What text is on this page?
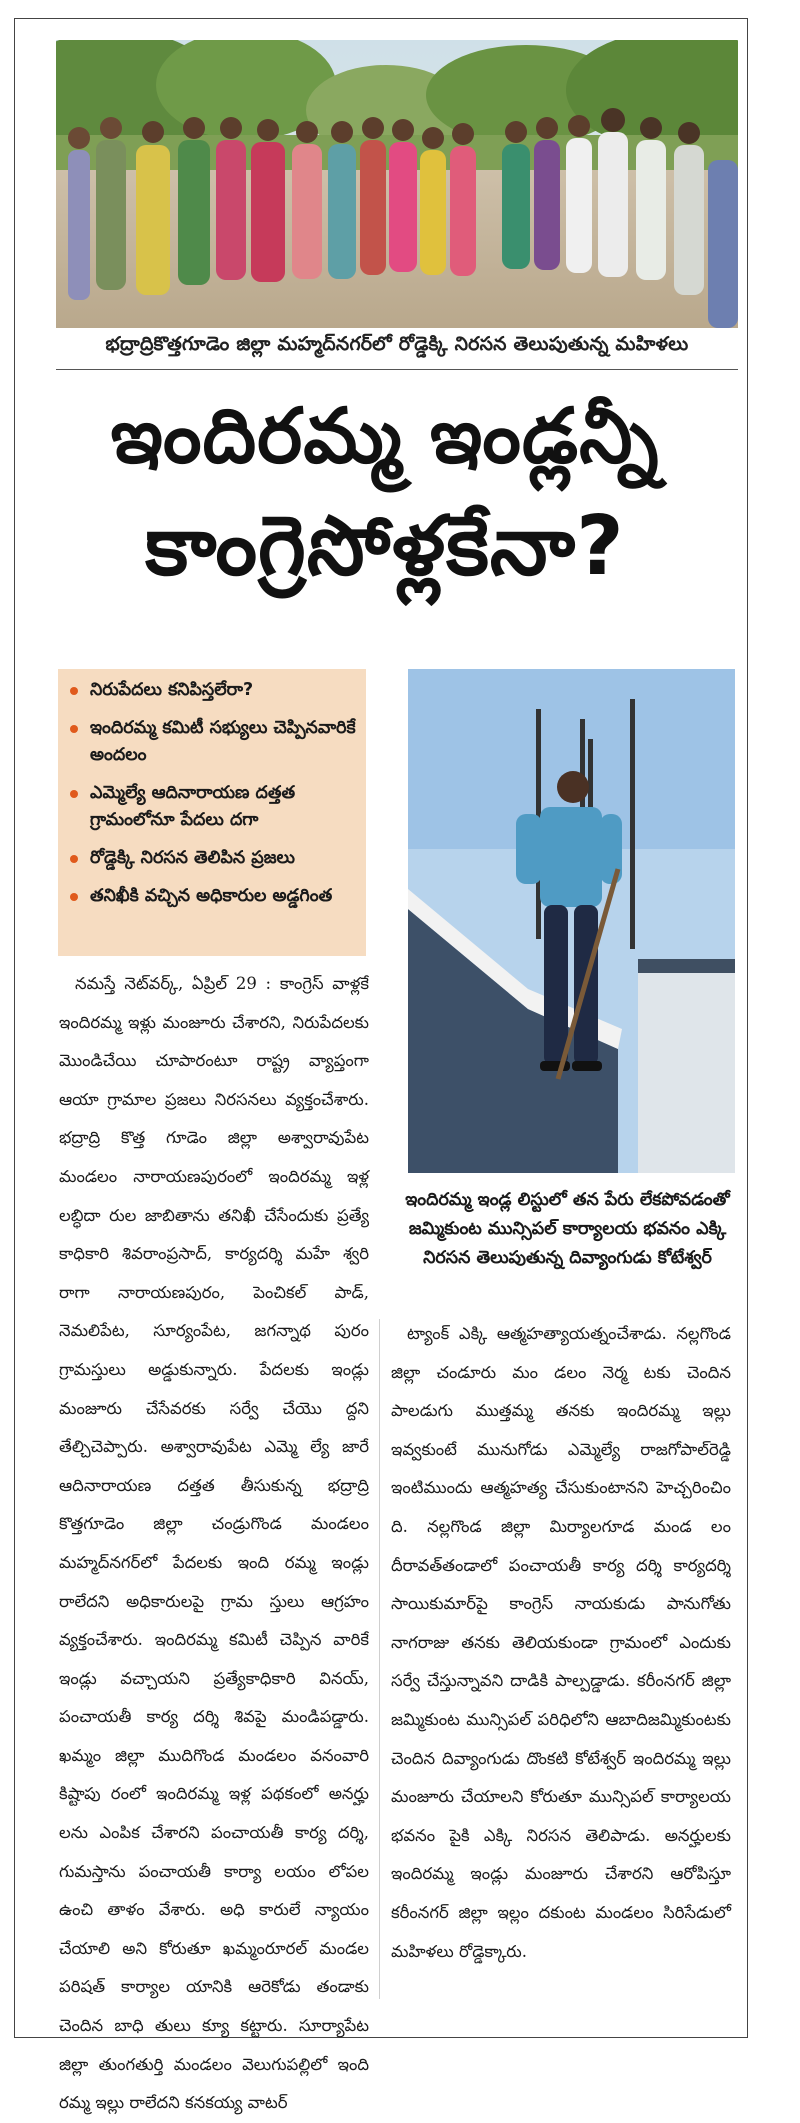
భద్రాద్రికొత్తగూడెం జిల్లా మహ్మద్‌నగర్‌లో రోడ్డెక్కి నిరసన తెలుపుతున్న మహిళలు
ఇందిరమ్మ ఇండ్లన్నీ
కాంగ్రెసోళ్లకేనా?
నిరుపేదలు కనిపిస్తలేరా?
ఇందిరమ్మ కమిటీ సభ్యులు చెప్పినవారికే అందలం
ఎమ్మెల్యే ఆదినారాయణ దత్తత గ్రామంలోనూ పేదలు దగా
రోడ్డెక్కి నిరసన తెలిపిన ప్రజలు
తనిఖీకి వచ్చిన అధికారుల అడ్డగింత
ఇందిరమ్మ ఇండ్ల లిస్టులో తన పేరు లేకపోవడంతో జమ్మికుంట మున్సిపల్‌ కార్యాలయ భవనం ఎక్కి నిరసన తెలుపుతున్న దివ్యాంగుడు కోటేశ్వర్‌

నమస్తే నెట్‌వర్క్‌, ఏప్రిల్‌ 29 : కాంగ్రెస్‌ వాళ్లకే ఇందిరమ్మ ఇళ్లు మంజూరు చేశారని, నిరుపేదలకు మొండిచేయి చూపారంటూ రాష్ట్ర వ్యాప్తంగా ఆయా గ్రామాల ప్రజలు నిరసనలు వ్యక్తంచేశారు. భద్రాద్రి కొత్త గూడెం జిల్లా అశ్వారావుపేట మండలం నారాయణపురంలో ఇందిరమ్మ ఇళ్ల లబ్ధిదా రుల జాబితాను తనిఖీ చేసేందుకు ప్రత్యే కాధికారి శివరాంప్రసాద్‌, కార్యదర్శి మహే శ్వరి రాగా నారాయణపురం, పెంచికల్‌ పాడ్‌, నెమలిపేట, సూర్యంపేట, జగన్నాథ పురం గ్రామస్తులు అడ్డుకున్నారు. పేదలకు ఇండ్లు మంజూరు చేసేవరకు సర్వే చేయొ ద్దని తేల్చిచెప్పారు. అశ్వారావుపేట ఎమ్మె ల్యే జారే ఆదినారాయణ దత్తత తీసుకున్న భద్రాద్రి కొత్తగూడెం జిల్లా చండ్రుగొండ మండలం మహ్మద్‌నగర్‌లో పేదలకు ఇంది రమ్మ ఇండ్లు రాలేదని అధికారులపై గ్రామ స్తులు ఆగ్రహం వ్యక్తంచేశారు. ఇందిరమ్మ కమిటీ చెప్పిన వారికే ఇండ్లు వచ్చాయని ప్రత్యేకాధికారి వినయ్‌, పంచాయతీ కార్య దర్శి శివపై మండిపడ్డారు. ఖమ్మం జిల్లా ముదిగొండ మండలం వనంవారి కిష్టాపు రంలో ఇందిరమ్మ ఇళ్ల పథకంలో అనర్హు లను ఎంపిక చేశారని పంచాయతీ కార్య దర్శి, గుమస్తాను పంచాయతీ కార్యా లయం లోపల ఉంచి తాళం వేశారు. అధి కారులే న్యాయం చేయాలి అని కోరుతూ ఖమ్మంరూరల్‌ మండల పరిషత్‌ కార్యాల యానికి ఆరెకోడు తండాకు చెందిన బాధి తులు క్యూ కట్టారు. సూర్యాపేట జిల్లా తుంగతుర్తి మండలం వెలుగుపల్లిలో ఇంది రమ్మ ఇల్లు రాలేదని కనకయ్య వాటర్‌

ట్యాంక్‌ ఎక్కి ఆత్మహత్యాయత్నంచేశాడు. నల్లగొండ జిల్లా చండూరు మం డలం నెర్మ టకు చెందిన పాలడుగు ముత్తమ్మ తనకు ఇందిరమ్మ ఇల్లు ఇవ్వకుంటే మునుగోడు ఎమ్మెల్యే రాజగోపాల్‌రెడ్డి ఇంటిముందు ఆత్మహత్య చేసుకుంటానని హెచ్చరించిం ది. నల్లగొండ జిల్లా మిర్యాలగూడ మండ లం దీరావత్‌తండాలో పంచాయతీ కార్య దర్శి కార్యదర్శి సాయికుమార్‌పై కాంగ్రెస్‌ నాయకుడు పానుగోతు నాగరాజు తనకు తెలియకుండా గ్రామంలో ఎందుకు సర్వే చేస్తున్నావని దాడికి పాల్పడ్డాడు. కరీంనగర్‌ జిల్లా జమ్మికుంట మున్సిపల్‌ పరిధిలోని ఆబాదిజమ్మికుంటకు చెందిన దివ్యాంగుడు దొంకటి కోటేశ్వర్‌ ఇందిరమ్మ ఇల్లు మంజూరు చేయాలని కోరుతూ మున్సిపల్‌ కార్యాలయ భవనం పైకి ఎక్కి నిరసన తెలిపాడు. అనర్హులకు ఇందిరమ్మ ఇండ్లు మంజూరు చేశారని ఆరోపిస్తూ కరీంనగర్‌ జిల్లా ఇల్లం దకుంట మండలం సిరిసేడులో మహిళలు రోడ్డెక్కారు.
